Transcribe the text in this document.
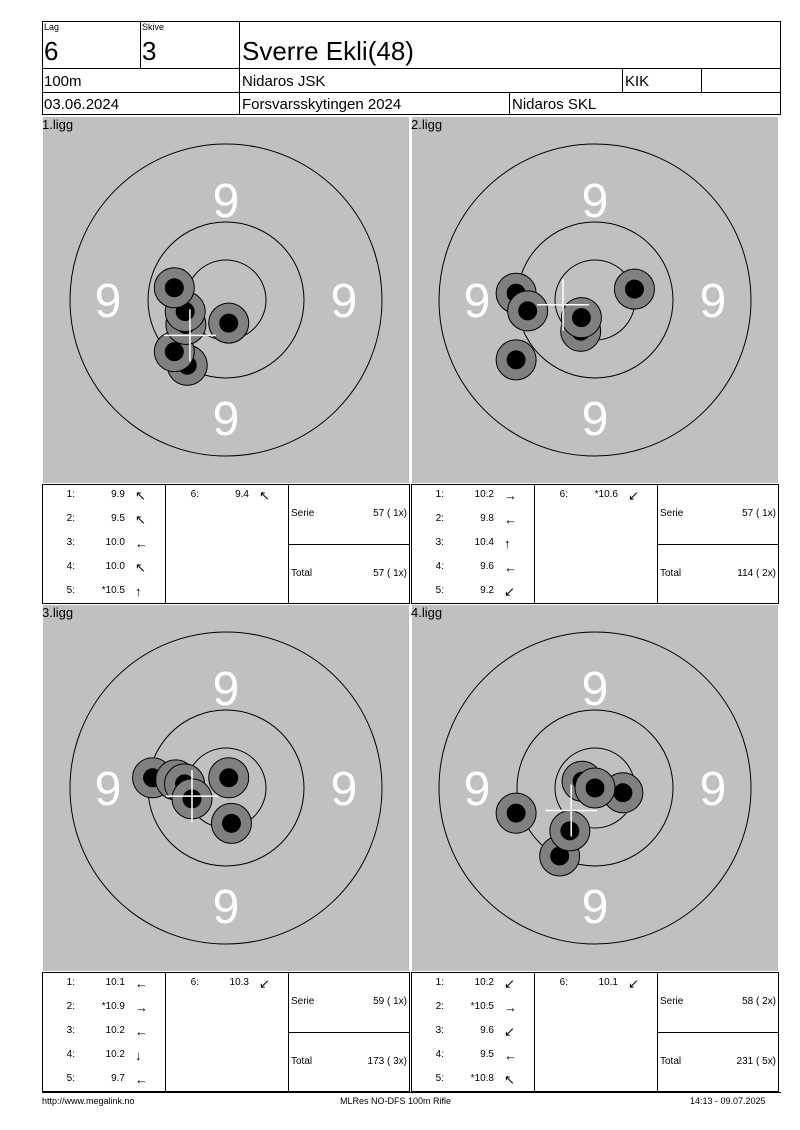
Lag
6
Skive
3	Sverre Ekli(48)
100m	Nidaros JSK	KIK
03.06.2024	Forsvarsskytingen 2024	Nidaros SKL
9
9	9
9
1.ligg
1:	9.9 ↖
2:	9.5 ↖
3:	10.0 ←
4:	10.0 ↖
5:	*10.5 ↑
6:	9.4 ↖
Serie	57 ( 1x)
Total	57 ( 1x)
9
9	9
9
2.ligg
1:	10.2 →
2:	9.8 ←
3:	10.4 ↑
4:	9.6 ←
5:	9.2 ↙
6:	*10.6 ↙
Serie	57 ( 1x)
Total	114 ( 2x)
9
9	9
9
3.ligg
1:	10.1 ←
2:	*10.9 →
3:	10.2 ←
4:	10.2 ↓
5:	9.7 ←
6:	10.3 ↙
Serie	59 ( 1x)
Total	173 ( 3x)
9
9	9
9
4.ligg
1:	10.2 ↙
2:	*10.5 →
3:	9.6 ↙
4:	9.5 ←
5:	*10.8 ↖
6:	10.1 ↙
Serie	58 ( 2x)
Total	231 ( 5x)
http://www.megalink.no	MLRes NO-DFS 100m Rifle	14:13 - 09.07.2025
